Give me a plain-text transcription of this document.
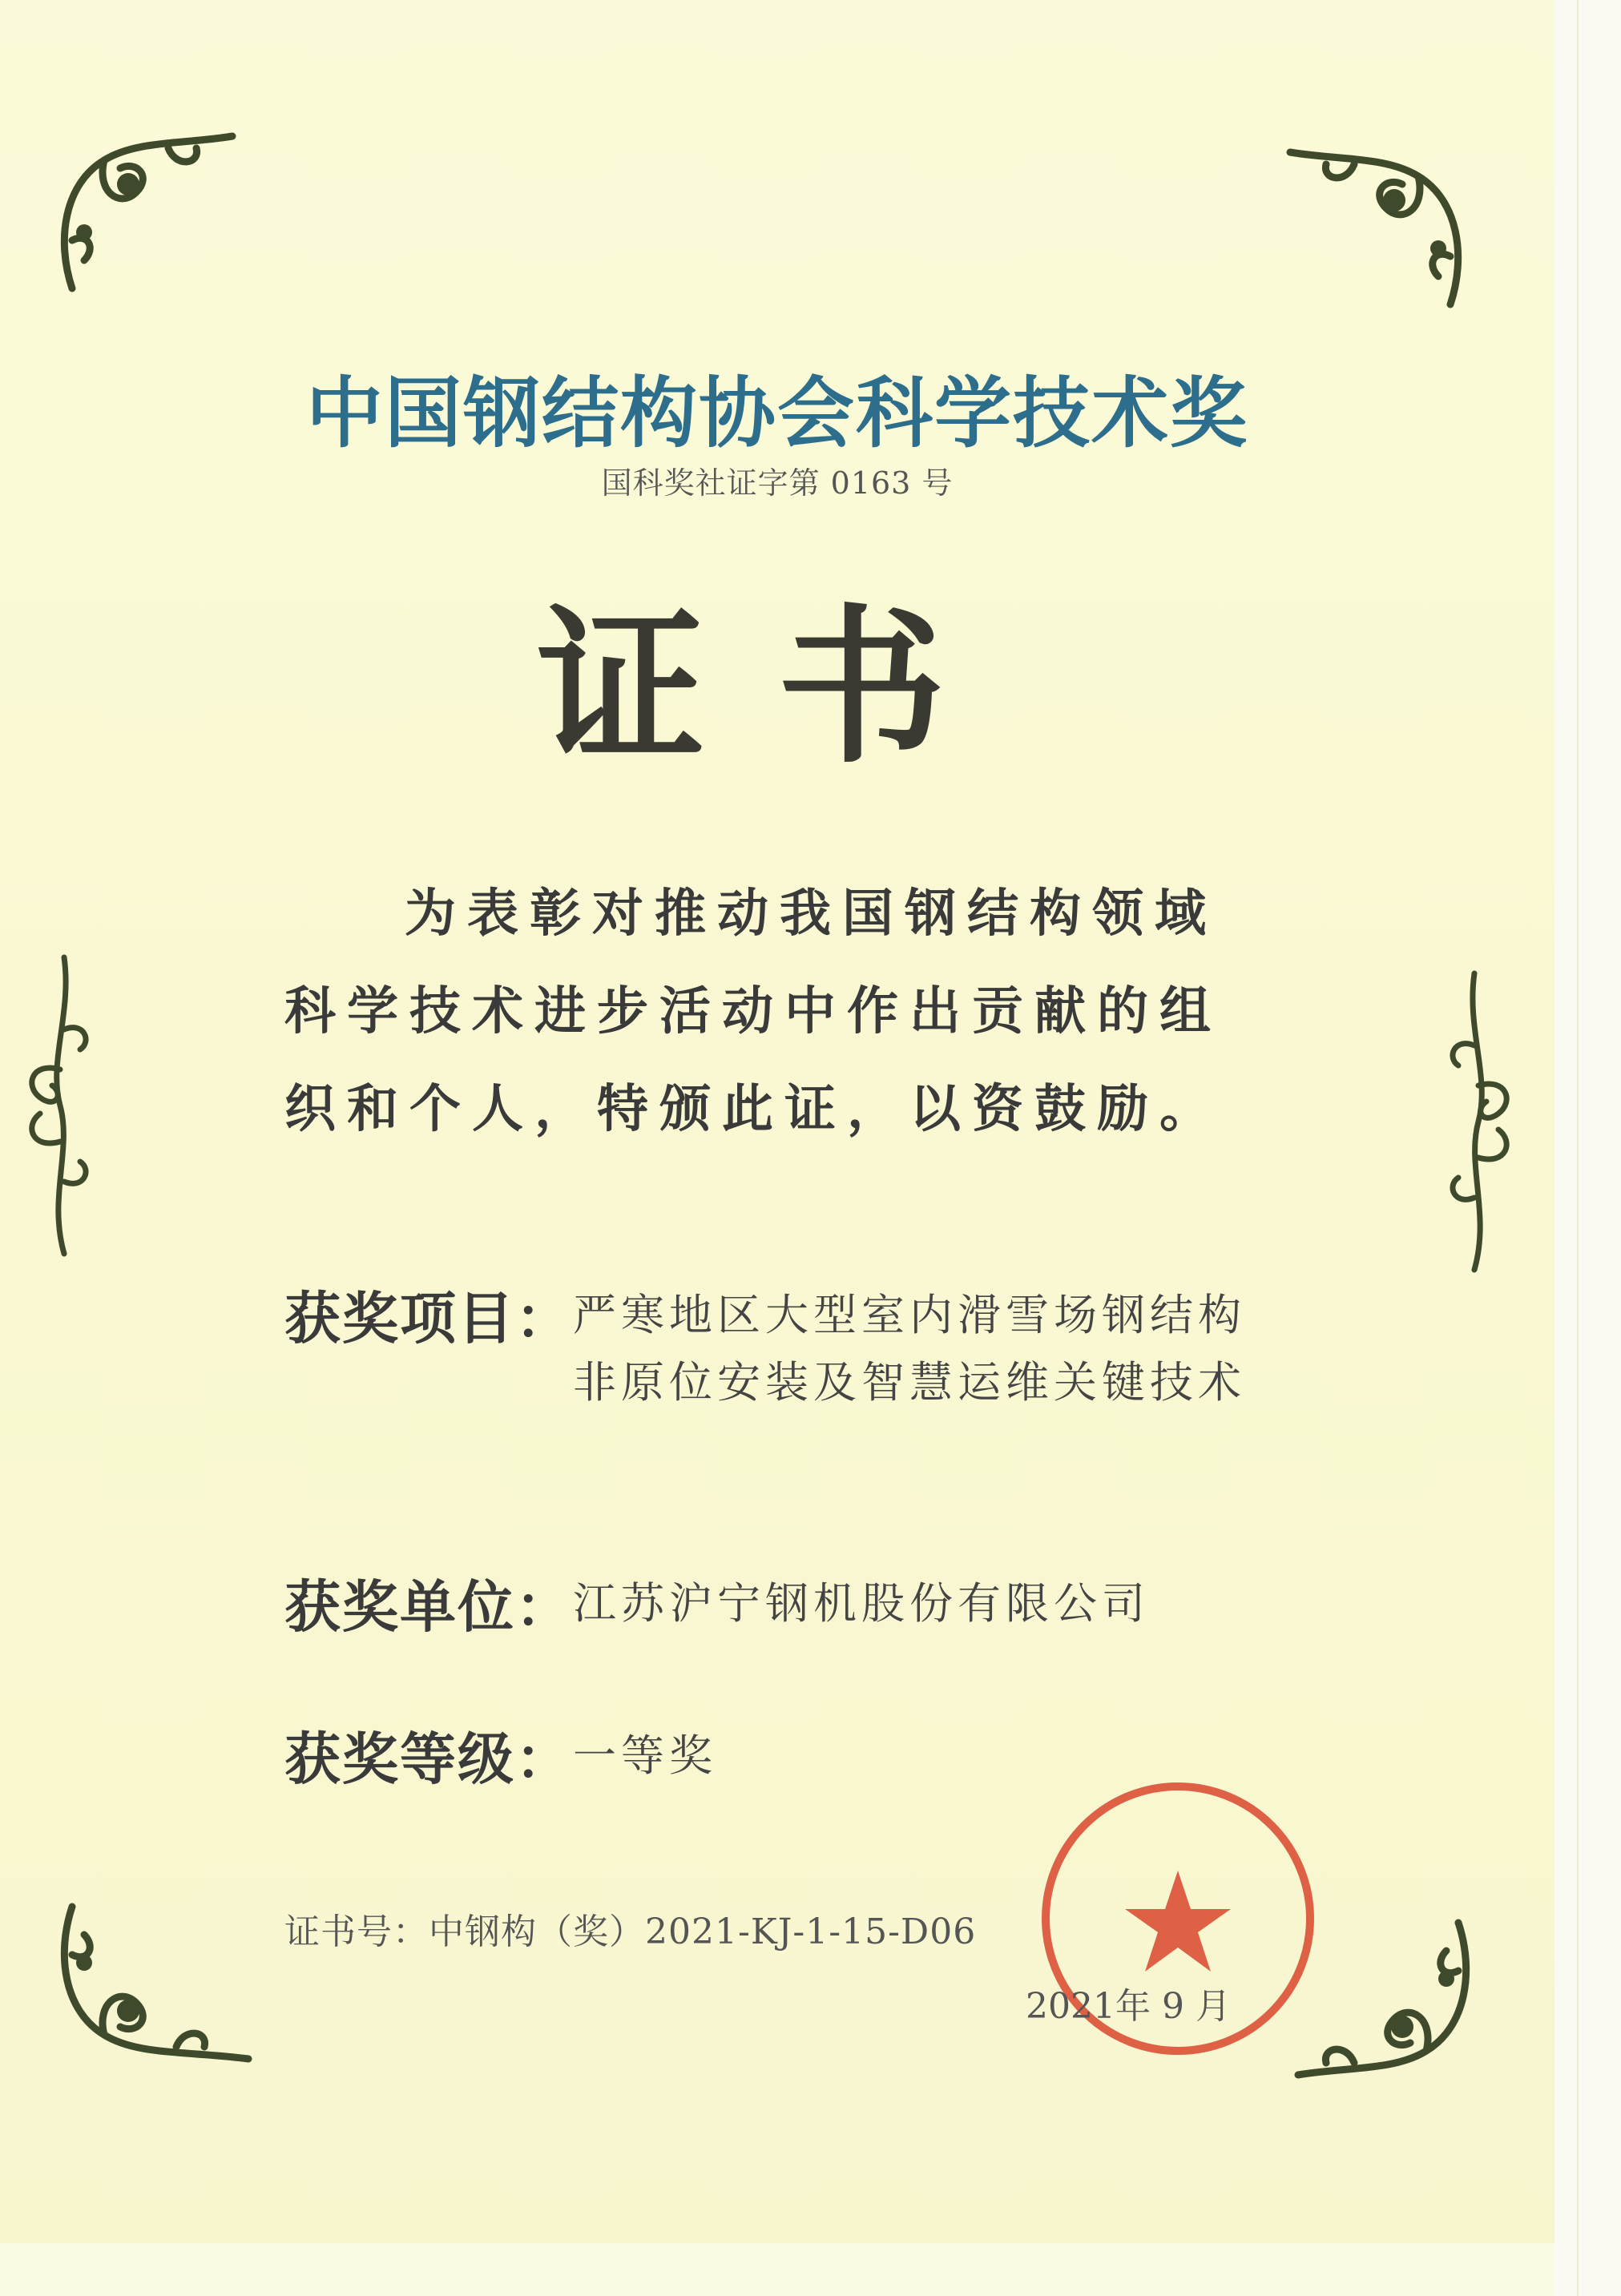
中国钢结构协会科学技术奖
国科奖社证字第 0163 号
证书
为表彰对推动我国钢结构领域科学技术进步活动中作出贡献的组织和个人，特颁此证，以资鼓励。
获奖项目：严寒地区大型室内滑雪场钢结构非原位安装及智慧运维关键技术
获奖单位：江苏沪宁钢机股份有限公司
获奖等级：一等奖
证书号：中钢构（奖）2021-KJ-1-15-D06
2021年 9 月
